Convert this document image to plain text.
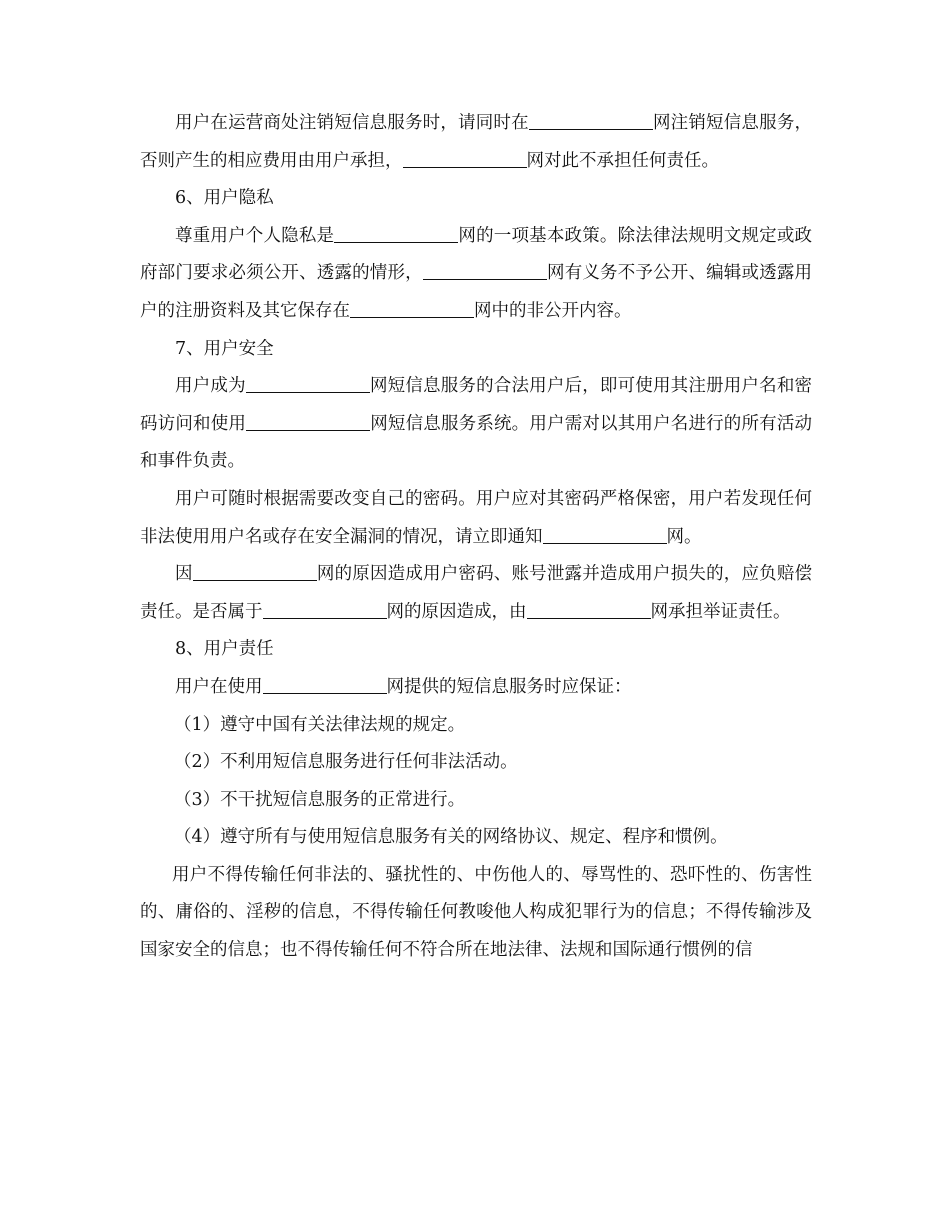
用户在运营商处注销短信息服务时，请同时在	网注销短信息服务，否则产生的相应费用由用户承担，	网对此不承担任何责任。

6、用户隐私

尊重用户个人隐私是	网的一项基本政策。除法律法规明文规定或政府部门要求必须公开、透露的情形，	网有义务不予公开、编辑或透露用户的注册资料及其它保存在	网中的非公开内容。

7、用户安全

用户成为	网短信息服务的合法用户后，即可使用其注册用户名和密码访问和使用	网短信息服务系统。用户需对以其用户名进行的所有活动和事件负责。

用户可随时根据需要改变自己的密码。用户应对其密码严格保密，用户若发现任何非法使用用户名或存在安全漏洞的情况，请立即通知	网。

因	网的原因造成用户密码、账号泄露并造成用户损失的，应负赔偿责任。是否属于	网的原因造成，由	网承担举证责任。

8、用户责任

用户在使用	网提供的短信息服务时应保证：

（1）遵守中国有关法律法规的规定。

（2）不利用短信息服务进行任何非法活动。

（3）不干扰短信息服务的正常进行。

（4）遵守所有与使用短信息服务有关的网络协议、规定、程序和惯例。

用户不得传输任何非法的、骚扰性的、中伤他人的、辱骂性的、恐吓性的、伤害性的、庸俗的、淫秽的信息，不得传输任何教唆他人构成犯罪行为的信息；不得传输涉及国家安全的信息；也不得传输任何不符合所在地法律、法规和国际通行惯例的信
